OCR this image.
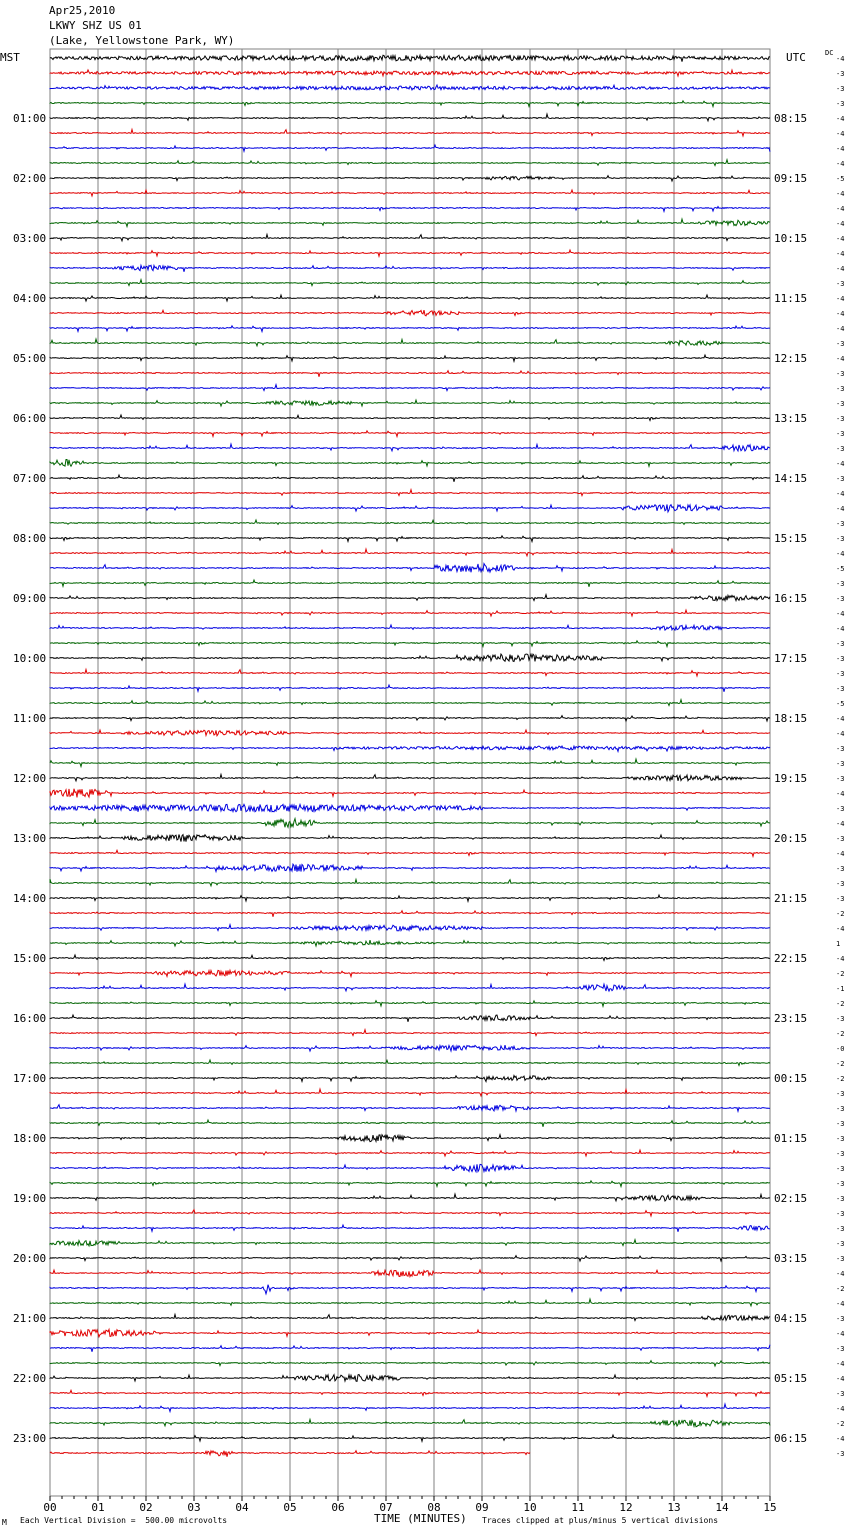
Apr25,2010
LKWY SHZ US 01
(Lake, Yellowstone Park, WY)
MST	UTC	DC
-4
-3
-3
-3
-4
-4
-4
-4
-5
-4
-4
-4
-4
-4
-4
-3
-4
-4
-4
-3
-4
-3
-3
-3
-3
-3
-3
-4
-3
-4
-4
-3
-3
-4
-5
-3
-3
-4
-4
-3
-3
-3
-3
-5
-4
-4
-3
-3
-3
-4
-3
-4
-3
-4
-3
-3
-3
-2
-4
1
-4
-2
-1
-2
-3
-2
-0
-2
-2
-3
-3
-3
-3
-3
-3
-3
-3
-3
-3
-3
-3
-4
-2
-4
-3
-4
-3
-4
-4
-3
-4
-2
-4
-3
01:00
02:00
03:00
04:00
05:00
06:00
07:00
08:00
09:00
10:00
11:00
12:00
13:00
14:00
15:00
16:00
17:00
18:00
19:00
20:00
21:00
22:00
23:00
08:15
09:15
10:15
11:15
12:15
13:15
14:15
15:15
16:15
17:15
18:15
19:15
20:15
21:15
22:15
23:15
00:15
01:15
02:15
03:15
04:15
05:15
06:15
00	01	02	03	04	05	06	07	08	09	10	11	12	13	14	15
M Each Vertical Division =  500.00 microvolts	TIME (MINUTES) Traces clipped at plus/minus 5 vertical divisions
